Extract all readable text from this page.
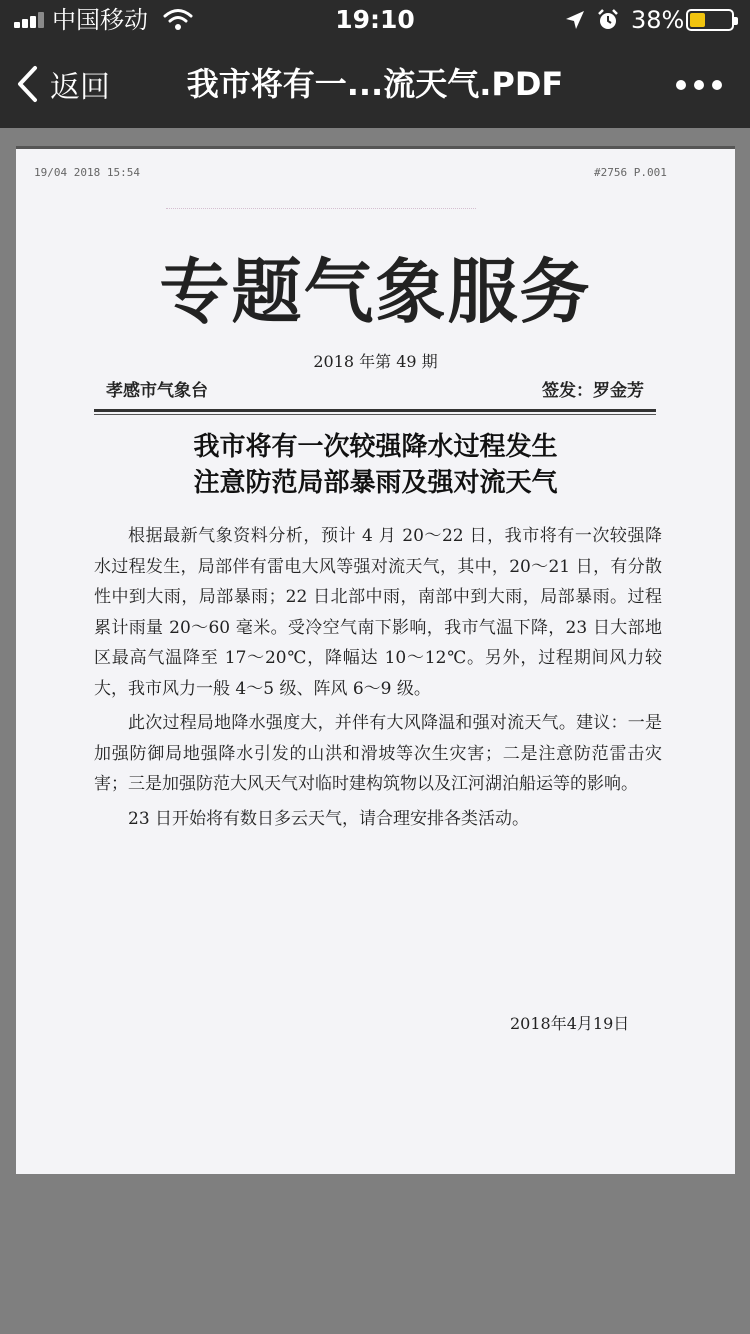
中国移动	19:10	38%
返回	我市将有一...流天气.PDF
19/04 2018 15:54	#2756 P.001
专题气象服务
2018 年第 49 期
孝感市气象台	签发：罗金芳
我市将有一次较强降水过程发生
注意防范局部暴雨及强对流天气

根据最新气象资料分析，预计 4 月 20～22 日，我市将有一次较强降水过程发生，局部伴有雷电大风等强对流天气，其中，20～21 日，有分散性中到大雨，局部暴雨；22 日北部中雨，南部中到大雨，局部暴雨。过程累计雨量 20～60 毫米。受冷空气南下影响，我市气温下降，23 日大部地区最高气温降至 17～20℃，降幅达 10～12℃。另外，过程期间风力较大，我市风力一般 4～5 级、阵风 6～9 级。

此次过程局地降水强度大，并伴有大风降温和强对流天气。建议：一是加强防御局地强降水引发的山洪和滑坡等次生灾害；二是注意防范雷击灾害；三是加强防范大风天气对临时建构筑物以及江河湖泊船运等的影响。

23 日开始将有数日多云天气，请合理安排各类活动。

2018年4月19日
